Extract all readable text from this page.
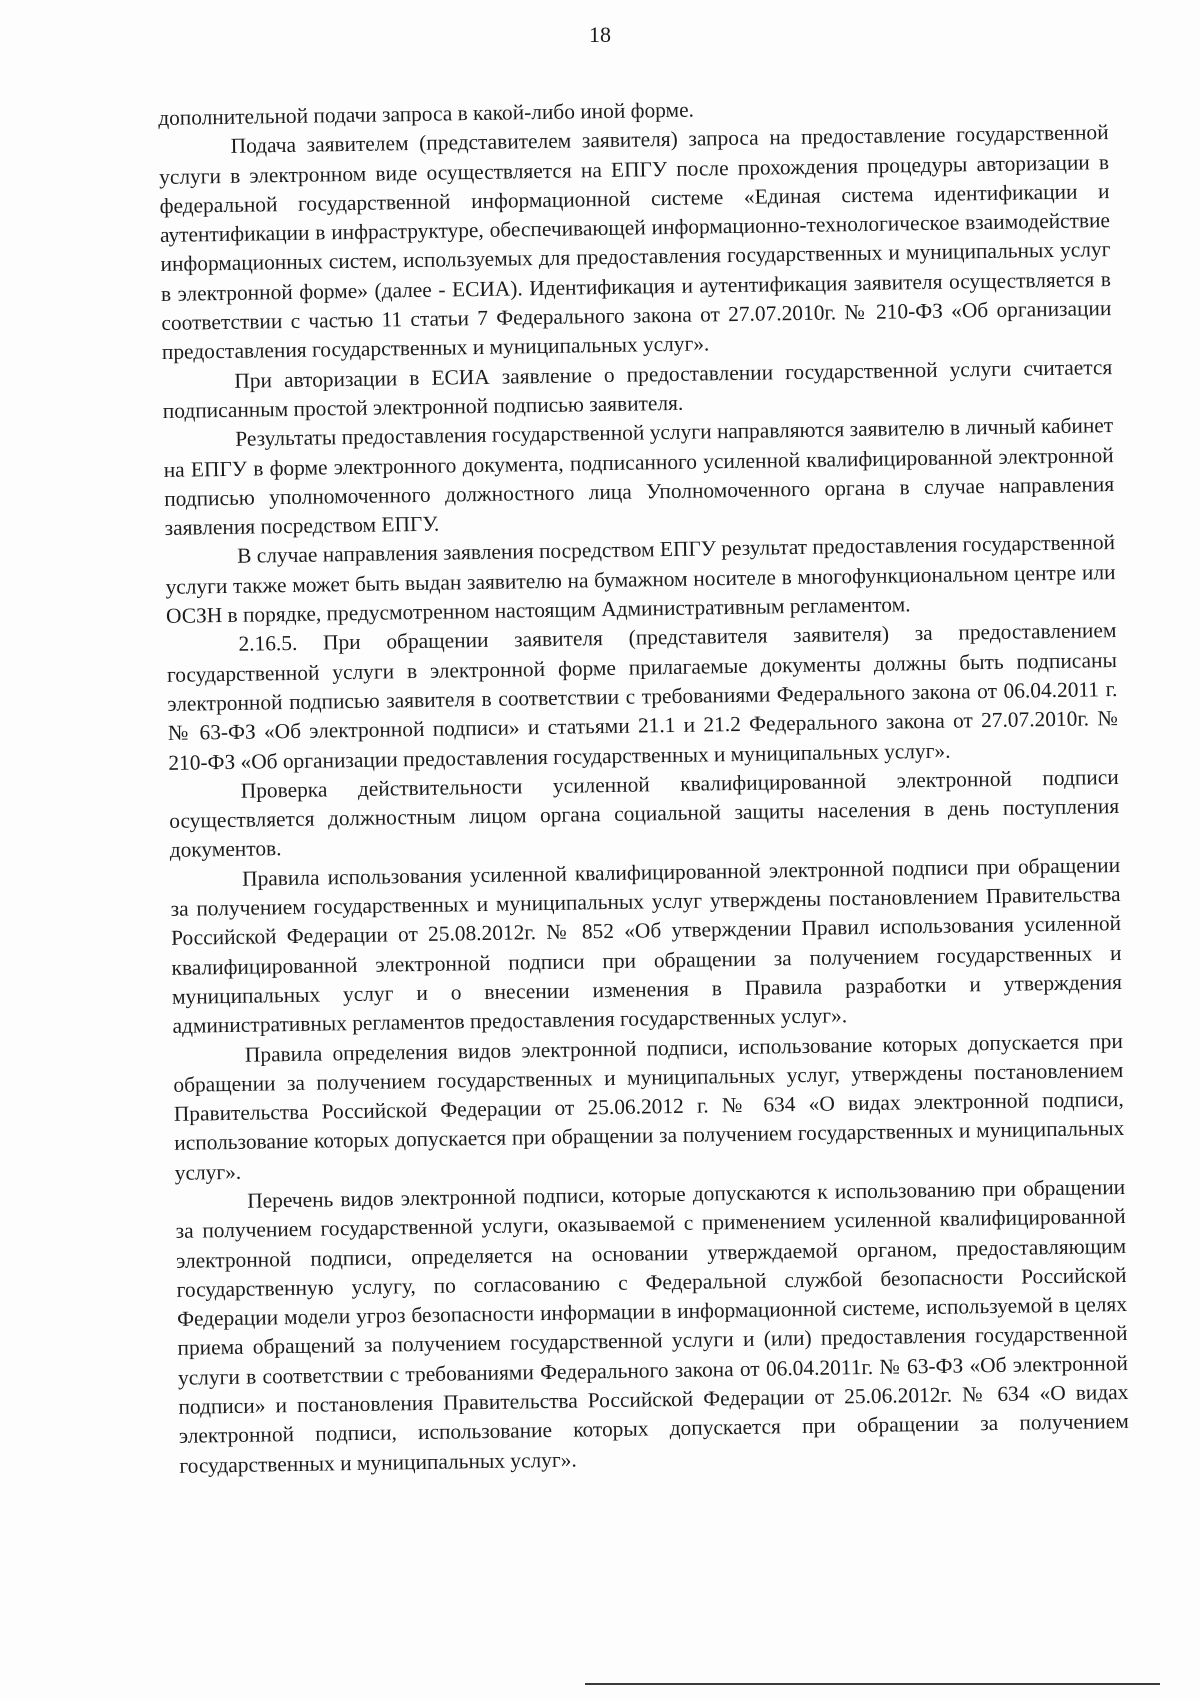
18

дополнительной подачи запроса в какой-либо иной форме.

Подача заявителем (представителем заявителя) запроса на предоставление государственной услуги в электронном виде осуществляется на ЕПГУ после прохождения процедуры авторизации в федеральной государственной информационной системе «Единая система идентификации и аутентификации в инфраструктуре, обеспечивающей информационно-технологическое взаимодействие информационных систем, используемых для предоставления государственных и муниципальных услуг в электронной форме» (далее - ЕСИА). Идентификация и аутентификация заявителя осуществляется в соответствии с частью 11 статьи 7 Федерального закона от 27.07.2010г. № 210-ФЗ «Об организации предоставления государственных и муниципальных услуг».

При авторизации в ЕСИА заявление о предоставлении государственной услуги считается подписанным простой электронной подписью заявителя.

Результаты предоставления государственной услуги направляются заявителю в личный кабинет на ЕПГУ в форме электронного документа, подписанного усиленной квалифицированной электронной подписью уполномоченного должностного лица Уполномоченного органа в случае направления заявления посредством ЕПГУ.

В случае направления заявления посредством ЕПГУ результат предоставления государственной услуги также может быть выдан заявителю на бумажном носителе в многофункциональном центре или ОСЗН в порядке, предусмотренном настоящим Административным регламентом.

2.16.5. При обращении заявителя (представителя заявителя) за предоставлением государственной услуги в электронной форме прилагаемые документы должны быть подписаны электронной подписью заявителя в соответствии с требованиями Федерального закона от 06.04.2011 г. № 63-ФЗ «Об электронной подписи» и статьями 21.1 и 21.2 Федерального закона от 27.07.2010г. № 210-ФЗ «Об организации предоставления государственных и муниципальных услуг».

Проверка действительности усиленной квалифицированной электронной подписи осуществляется должностным лицом органа социальной защиты населения в день поступления документов.

Правила использования усиленной квалифицированной электронной подписи при обращении за получением государственных и муниципальных услуг утверждены постановлением Правительства Российской Федерации от 25.08.2012г. № 852 «Об утверждении Правил использования усиленной квалифицированной электронной подписи при обращении за получением государственных и муниципальных услуг и о внесении изменения в Правила разработки и утверждения административных регламентов предоставления государственных услуг».

Правила определения видов электронной подписи, использование которых допускается при обращении за получением государственных и муниципальных услуг, утверждены постановлением Правительства Российской Федерации от 25.06.2012 г. № 634 «О видах электронной подписи, использование которых допускается при обращении за получением государственных и муниципальных услуг».

Перечень видов электронной подписи, которые допускаются к использованию при обращении за получением государственной услуги, оказываемой с применением усиленной квалифицированной электронной подписи, определяется на основании утверждаемой органом, предоставляющим государственную услугу, по согласованию с Федеральной службой безопасности Российской Федерации модели угроз безопасности информации в информационной системе, используемой в целях приема обращений за получением государственной услуги и (или) предоставления государственной услуги в соответствии с требованиями Федерального закона от 06.04.2011г. № 63-ФЗ «Об электронной подписи» и постановления Правительства Российской Федерации от 25.06.2012г. № 634 «О видах электронной подписи, использование которых допускается при обращении за получением государственных и муниципальных услуг».
